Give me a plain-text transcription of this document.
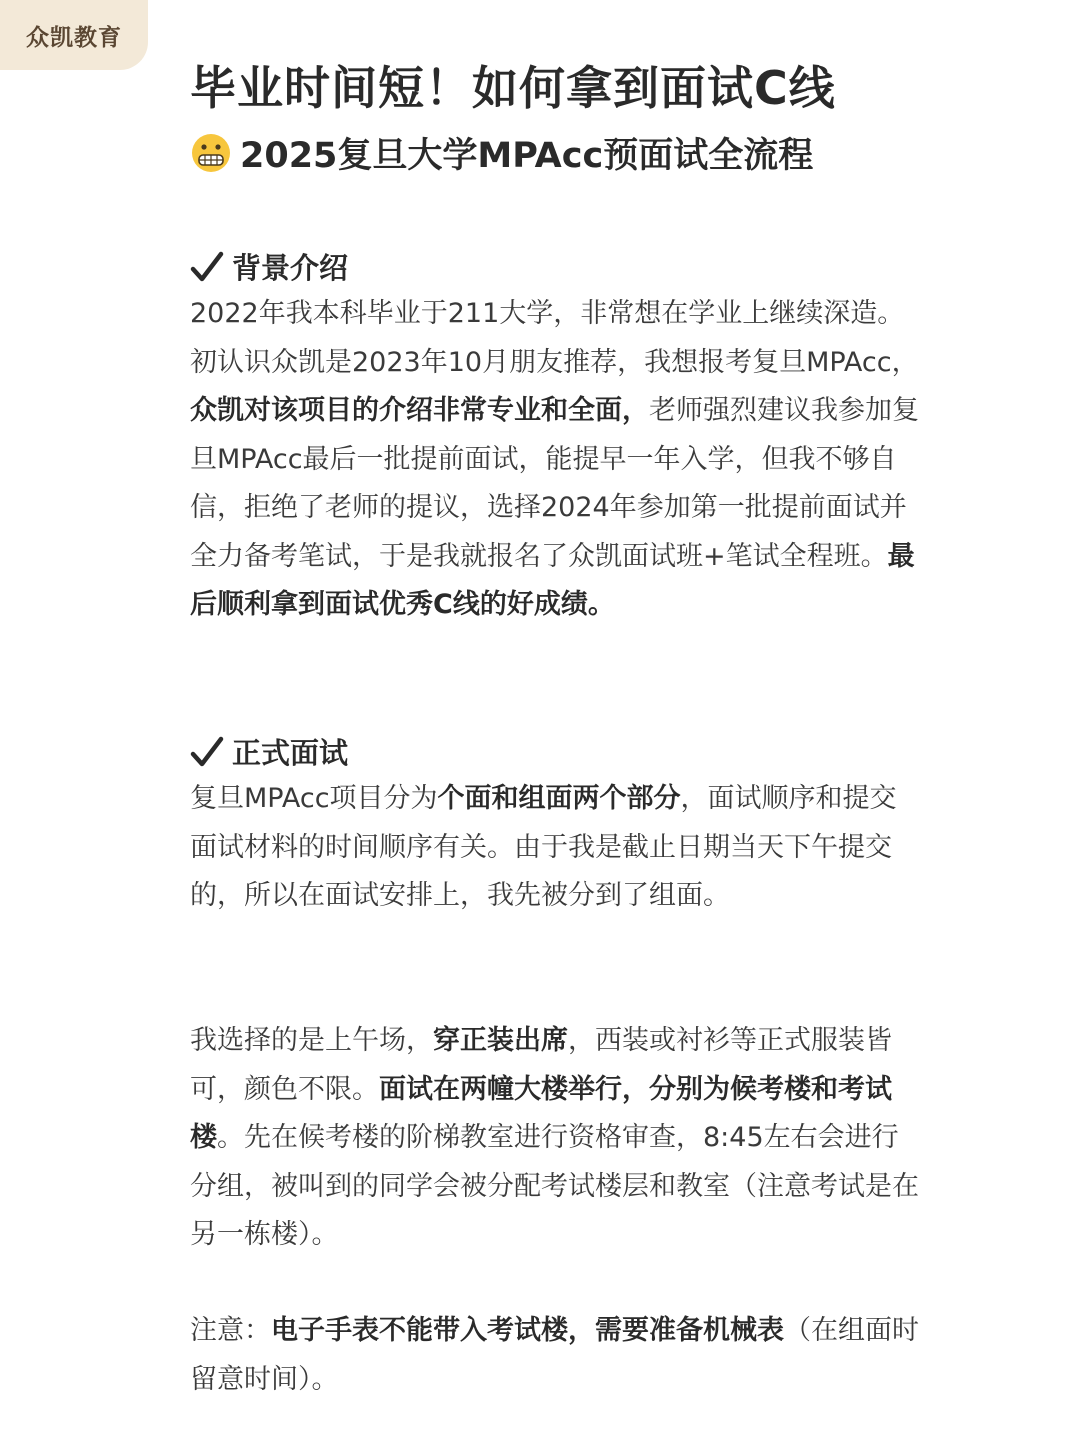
众凯教育
毕业时间短！如何拿到面试C线
2025复旦大学MPAcc预面试全流程
背景介绍

2022年我本科毕业于211大学，非常想在学业上继续深造。初认识众凯是2023年10月朋友推荐，我想报考复旦MPAcc，众凯对该项目的介绍非常专业和全面，老师强烈建议我参加复旦MPAcc最后一批提前面试，能提早一年入学，但我不够自信，拒绝了老师的提议，选择2024年参加第一批提前面试并全力备考笔试，于是我就报名了众凯面试班+笔试全程班。最后顺利拿到面试优秀C线的好成绩。

正式面试

复旦MPAcc项目分为个面和组面两个部分，面试顺序和提交面试材料的时间顺序有关。由于我是截止日期当天下午提交的，所以在面试安排上，我先被分到了组面。

我选择的是上午场，穿正装出席，西装或衬衫等正式服装皆可，颜色不限。面试在两幢大楼举行，分别为候考楼和考试楼。先在候考楼的阶梯教室进行资格审查，8:45左右会进行分组，被叫到的同学会被分配考试楼层和教室（注意考试是在另一栋楼）。

注意：电子手表不能带入考试楼，需要准备机械表（在组面时留意时间）。
